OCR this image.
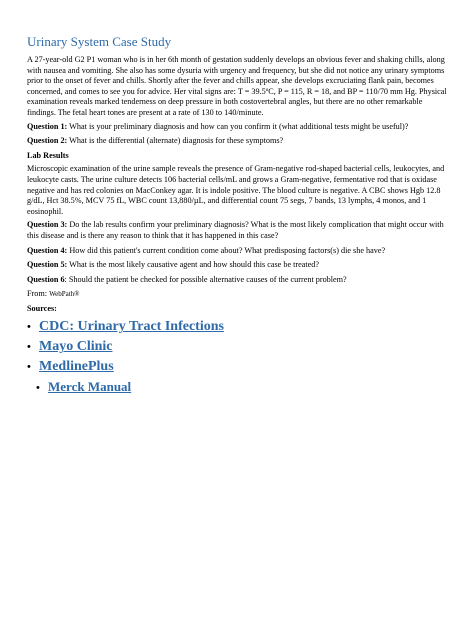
Urinary System Case Study

A 27-year-old G2 P1 woman who is in her 6th month of gestation suddenly develops an obvious fever and shaking chills, along with nausea and vomiting. She also has some dysuria with urgency and frequency, but she did not notice any urinary symptoms prior to the onset of fever and chills. Shortly after the fever and chills appear, she develops excruciating flank pain, becomes concerned, and comes to see you for advice. Her vital signs are: T = 39.5ºC, P = 115, R = 18, and BP = 110/70 mm Hg. Physical examination reveals marked tenderness on deep pressure in both costovertebral angles, but there are no other remarkable findings. The fetal heart tones are present at a rate of 130 to 140/minute.

Question 1: What is your preliminary diagnosis and how can you confirm it (what additional tests might be useful)?

Question 2: What is the differential (alternate) diagnosis for these symptoms?

Lab Results

Microscopic examination of the urine sample reveals the presence of Gram-negative rod-shaped bacterial cells, leukocytes, and leukocyte casts. The urine culture detects 106 bacterial cells/mL and grows a Gram-negative, fermentative rod that is oxidase negative and has red colonies on MacConkey agar. It is indole positive. The blood culture is negative. A CBC shows Hgb 12.8 g/dL, Hct 38.5%, MCV 75 fL, WBC count 13,880/µL, and differential count 75 segs, 7 bands, 13 lymphs, 4 monos, and 1 eosinophil.

Question 3: Do the lab results confirm your preliminary diagnosis? What is the most likely complication that might occur with this disease and is there any reason to think that it has happened in this case?

Question 4: How did this patient's current condition come about? What predisposing factors(s) die she have?

Question 5: What is the most likely causative agent and how should this case be treated?

Question 6: Should the patient be checked for possible alternative causes of the current problem?

From: WebPath®

Sources:
• CDC: Urinary Tract Infections
• Mayo Clinic
• MedlinePlus
• Merck Manual
